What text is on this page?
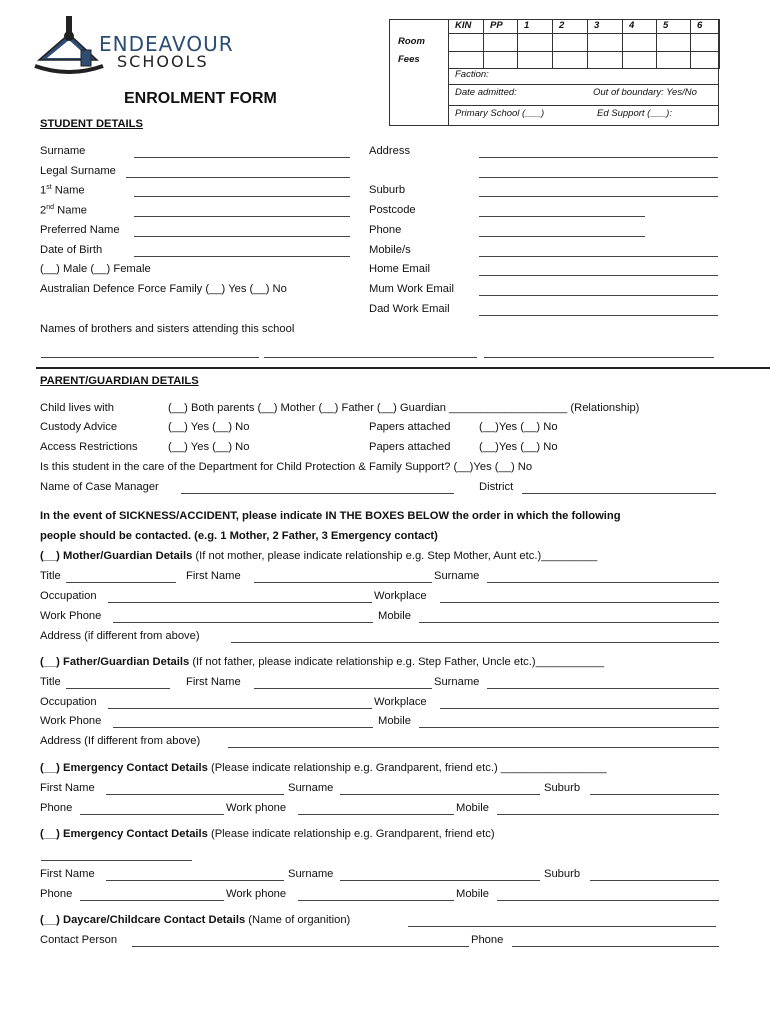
ENDEAVOUR
SCHOOLS
ENROLMENT FORM
STUDENT DETAILS
Room
Fees
KIN PP 1	2	3	4	5	6
Faction:
Date admitted:	Out of boundary: Yes/No
Primary School (___)	Ed Support (___):
Surname
Legal Surname
1st Name
2nd Name
Preferred Name
Date of Birth
(__) Male (__) Female
Australian Defence Force Family (__) Yes (__) No
Address
Suburb
Postcode
Phone
Mobile/s
Home Email
Mum Work Email
Dad Work Email
Names of brothers and sisters attending this school
PARENT/GUARDIAN DETAILS
Child lives with	(__) Both parents (__) Mother (__) Father (__) Guardian ___________________ (Relationship)
Custody Advice	(__) Yes (__) No	Papers attached	(__)Yes (__) No
Access Restrictions	(__) Yes (__) No	Papers attached	(__)Yes (__) No
Is this student in the care of the Department for Child Protection & Family Support? (__)Yes (__) No
Name of Case Manager	District
In the event of SICKNESS/ACCIDENT, please indicate IN THE BOXES BELOW the order in which the following
people should be contacted. (e.g. 1 Mother, 2 Father, 3 Emergency contact)
(__) Mother/Guardian Details (If not mother, please indicate relationship e.g. Step Mother, Aunt etc.)_________
Title	First Name	Surname
Occupation	Workplace
Work Phone	Mobile
Address (if different from above)
(__) Father/Guardian Details (If not father, please indicate relationship e.g. Step Father, Uncle etc.)___________
Title	First Name	Surname
Occupation	Workplace
Work Phone	Mobile
Address (If different from above)
(__) Emergency Contact Details (Please indicate relationship e.g. Grandparent, friend etc.) _________________
First Name	Surname	Suburb
Phone	Work phone	Mobile
(__) Emergency Contact Details (Please indicate relationship e.g. Grandparent, friend etc)
First Name	Surname	Suburb
Phone	Work phone	Mobile
(__) Daycare/Childcare Contact Details (Name of organition)
Contact Person	Phone
